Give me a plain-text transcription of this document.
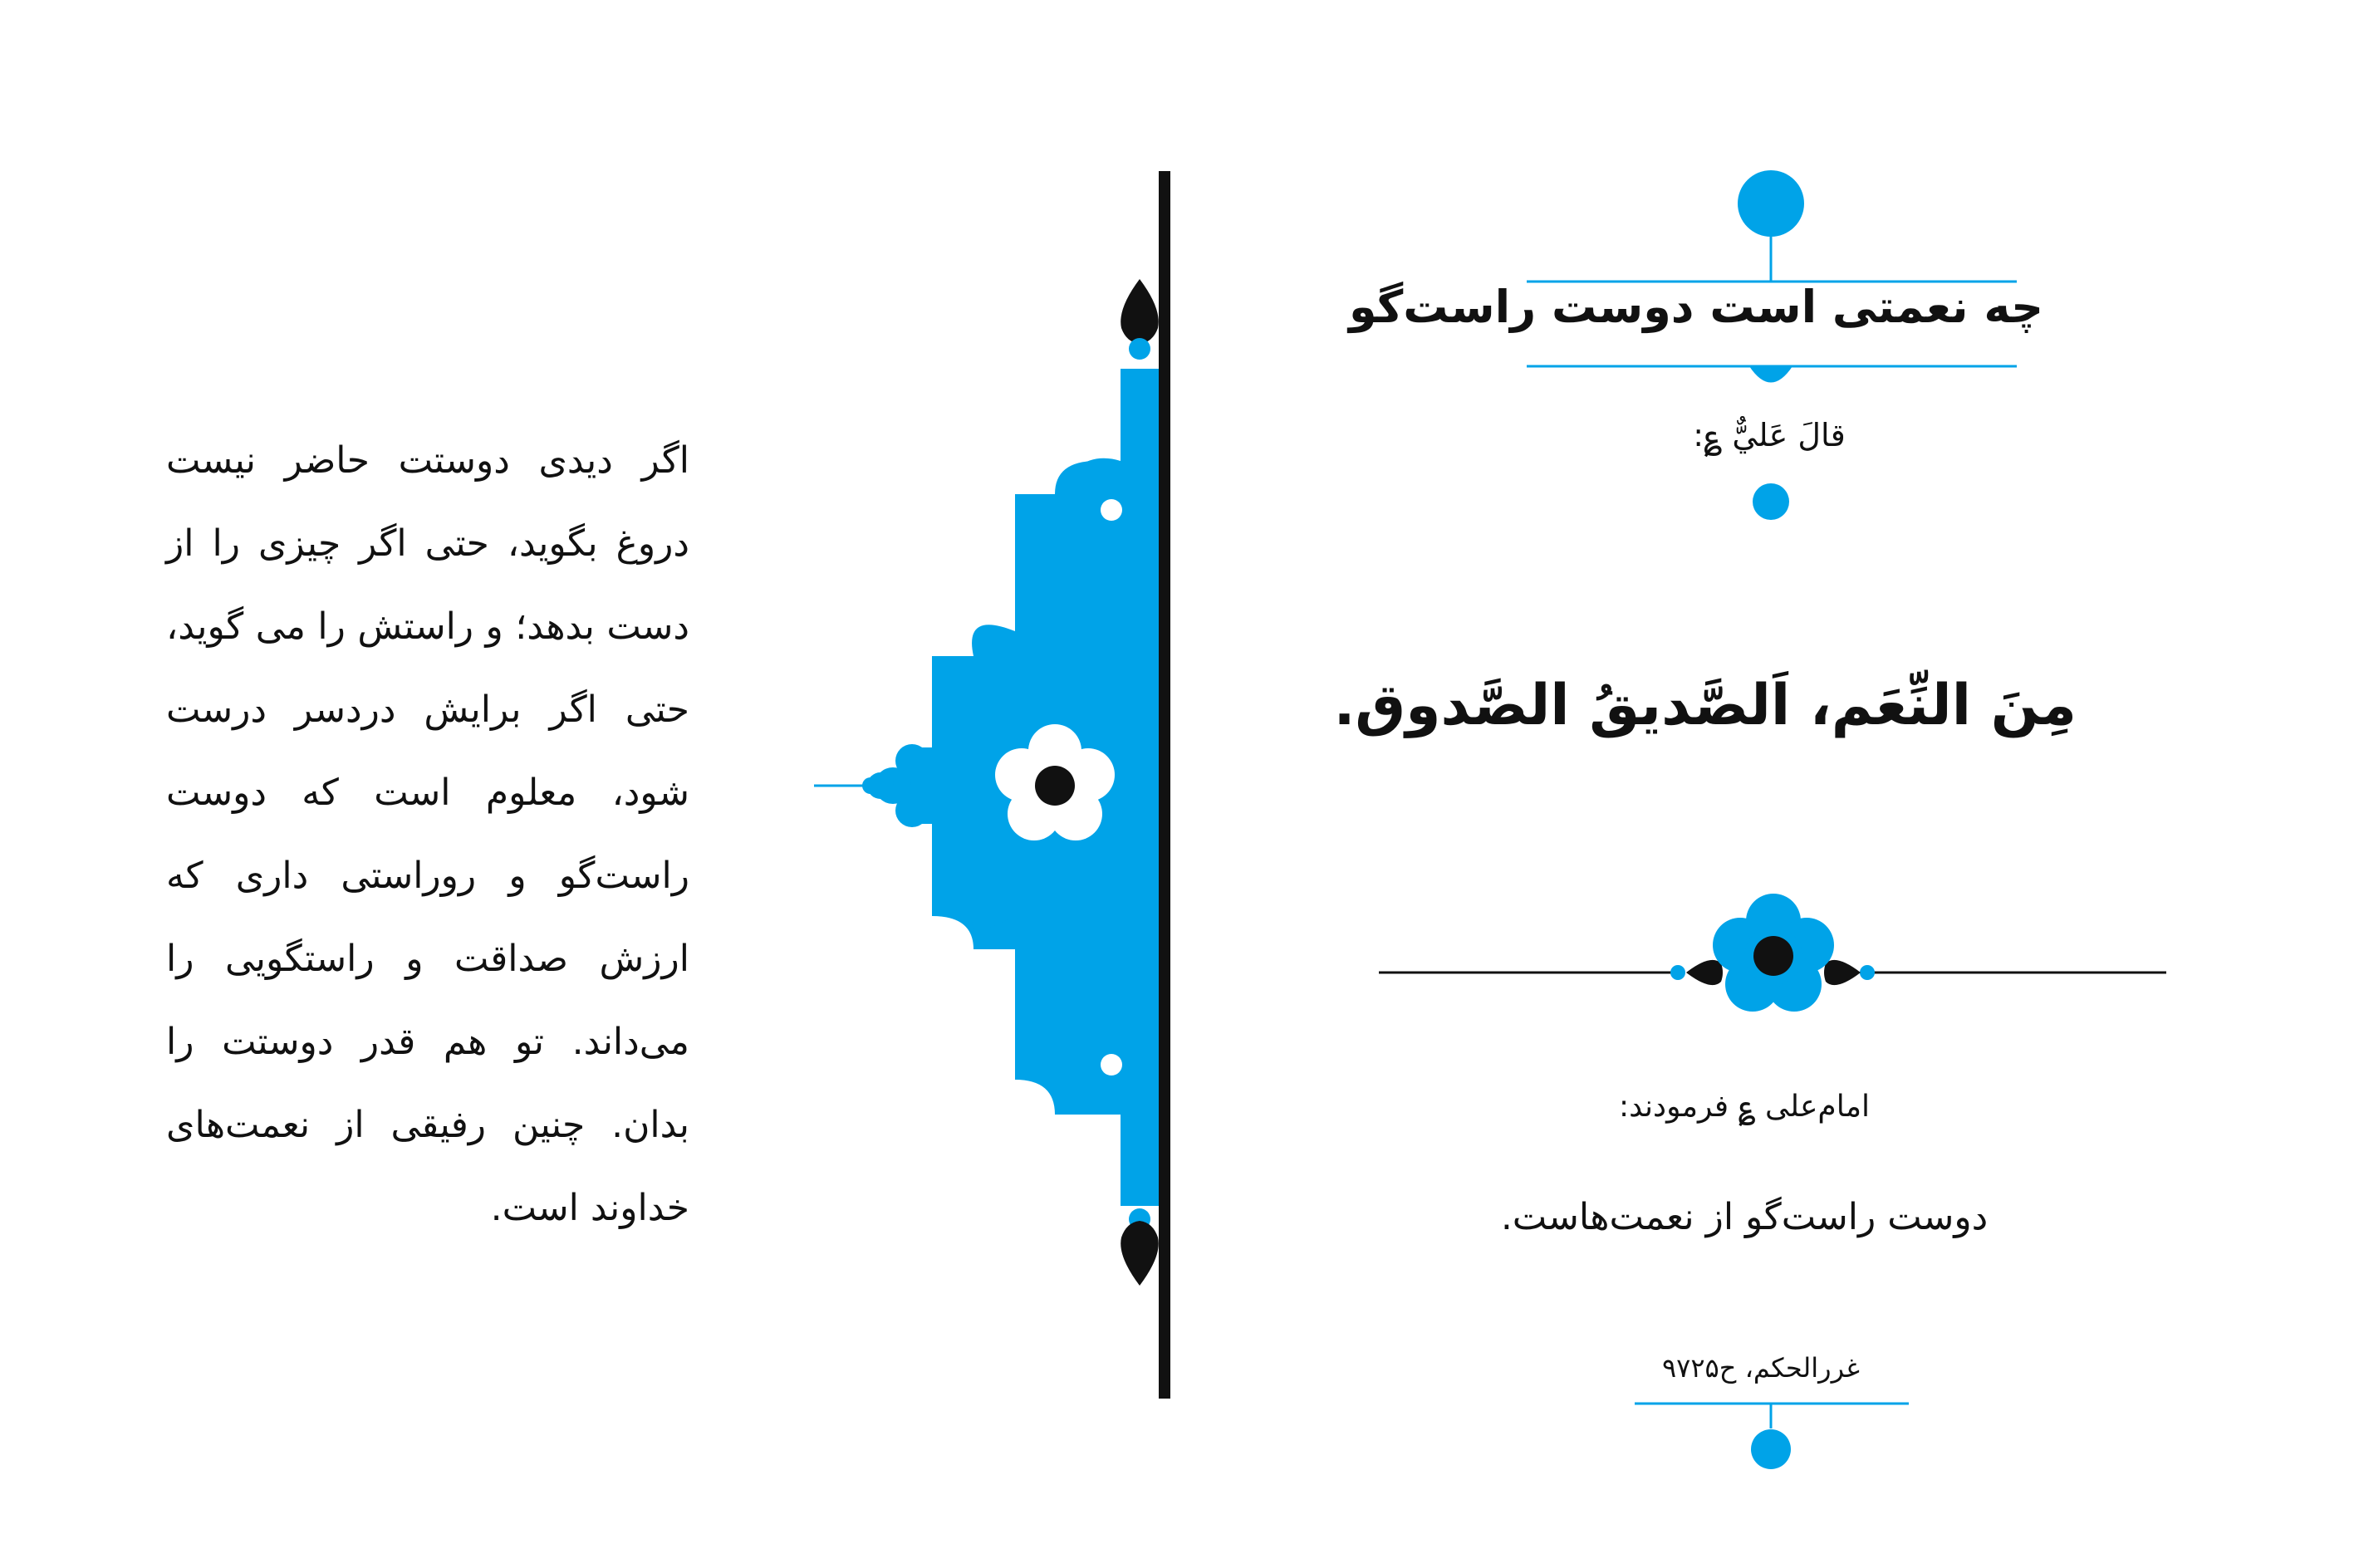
چه نعمتی است دوست راست‌گو
قالَ عَليٌّ ؏:
مِنَ النِّعَم، اَلصَّديقُ الصَّدوق.
امام‌علی ؏ فرمودند:
دوست راست‌گو از نعمت‌هاست.
غررالحکم، ح۹۷۲۵
اگر دیدی دوستت حاضر نیست دروغ بگوید، حتی اگر چیزی را از دست بدهد؛ و راستش را می گوید، حتی اگر برایش دردسر درست شود، معلوم است که دوست راست‌گو و روراستی داری که ارزش صداقت و راستگویی را می‌داند. تو هم قدر دوستت را بدان. چنین رفیقی از نعمت‌های خداوند است.
